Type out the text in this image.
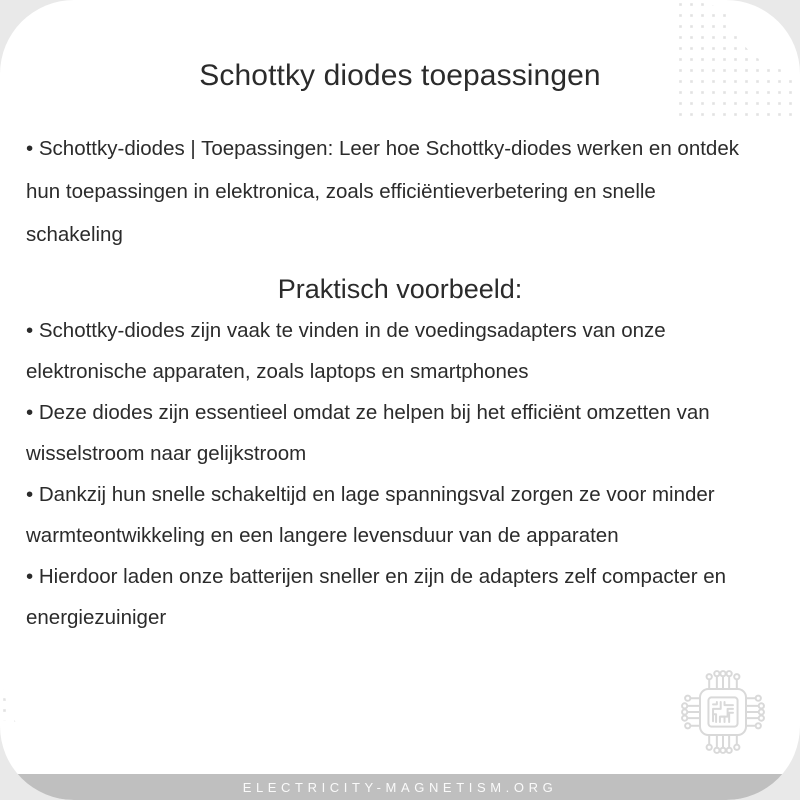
Schottky diodes toepassingen

• Schottky-diodes | Toepassingen: Leer hoe Schottky-diodes werken en ontdek hun toepassingen in elektronica, zoals efficiëntieverbetering en snelle schakeling

Praktisch voorbeeld:

• Schottky-diodes zijn vaak te vinden in de voedingsadapters van onze elektronische apparaten, zoals laptops en smartphones

• Deze diodes zijn essentieel omdat ze helpen bij het efficiënt omzetten van wisselstroom naar gelijkstroom

• Dankzij hun snelle schakeltijd en lage spanningsval zorgen ze voor minder warmteontwikkeling en een langere levensduur van de apparaten

• Hierdoor laden onze batterijen sneller en zijn de adapters zelf compacter en energiezuiniger

ELECTRICITY-MAGNETISM.ORG
